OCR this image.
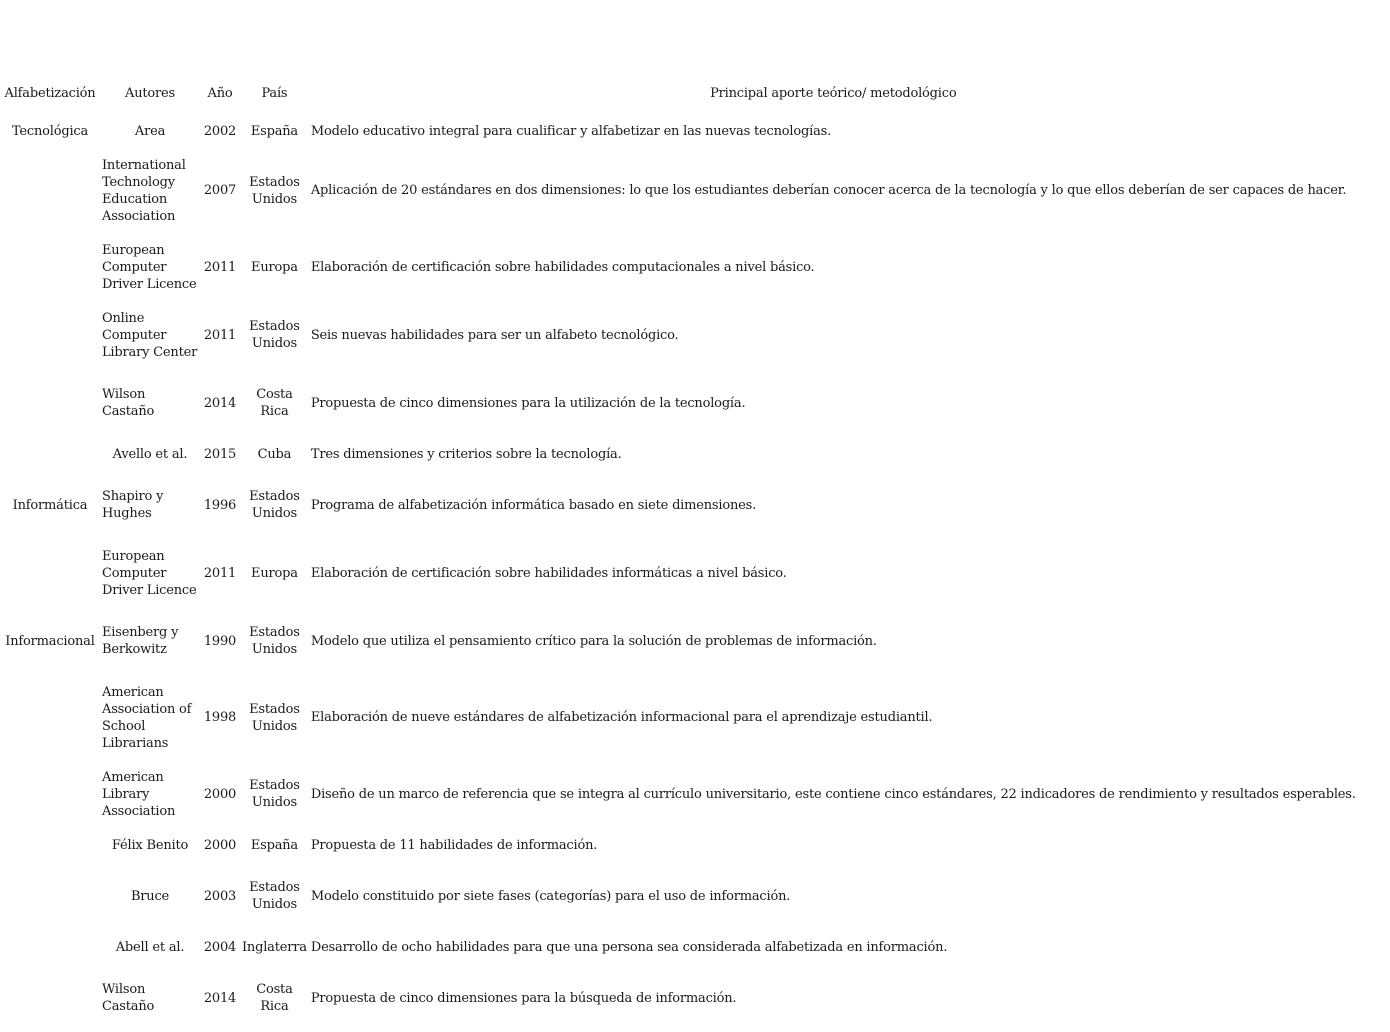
Alfabetización	Autores	Año	País	Principal aporte teórico/ metodológico
Tecnológica	Area	2002	España	Modelo educativo integral para cualificar y alfabetizar en las nuevas tecnologías.
	International Technology Education Association	2007	Estados Unidos	Aplicación de 20 estándares en dos dimensiones: lo que los estudiantes deberían conocer acerca de la tecnología y lo que ellos deberían de ser capaces de hacer.
	European Computer Driver Licence	2011	Europa	Elaboración de certificación sobre habilidades computacionales a nivel básico.
	Online Computer Library Center	2011	Estados Unidos	Seis nuevas habilidades para ser un alfabeto tecnológico.
	Wilson Castaño	2014	Costa Rica	Propuesta de cinco dimensiones para la utilización de la tecnología.
	Avello et al.	2015	Cuba	Tres dimensiones y criterios sobre la tecnología.
Informática	Shapiro y Hughes	1996	Estados Unidos	Programa de alfabetización informática basado en siete dimensiones.
	European Computer Driver Licence	2011	Europa	Elaboración de certificación sobre habilidades informáticas a nivel básico.
Informacional	Eisenberg y Berkowitz	1990	Estados Unidos	Modelo que utiliza el pensamiento crítico para la solución de problemas de información.
	American Association of School Librarians	1998	Estados Unidos	Elaboración de nueve estándares de alfabetización informacional para el aprendizaje estudiantil.
	American Library Association	2000	Estados Unidos	Diseño de un marco de referencia que se integra al currículo universitario, este contiene cinco estándares, 22 indicadores de rendimiento y resultados esperables.
	Félix Benito	2000	España	Propuesta de 11 habilidades de información.
	Bruce	2003	Estados Unidos	Modelo constituido por siete fases (categorías) para el uso de información.
	Abell et al.	2004	Inglaterra	Desarrollo de ocho habilidades para que una persona sea considerada alfabetizada en información.
	Wilson Castaño	2014	Costa Rica	Propuesta de cinco dimensiones para la búsqueda de información.
